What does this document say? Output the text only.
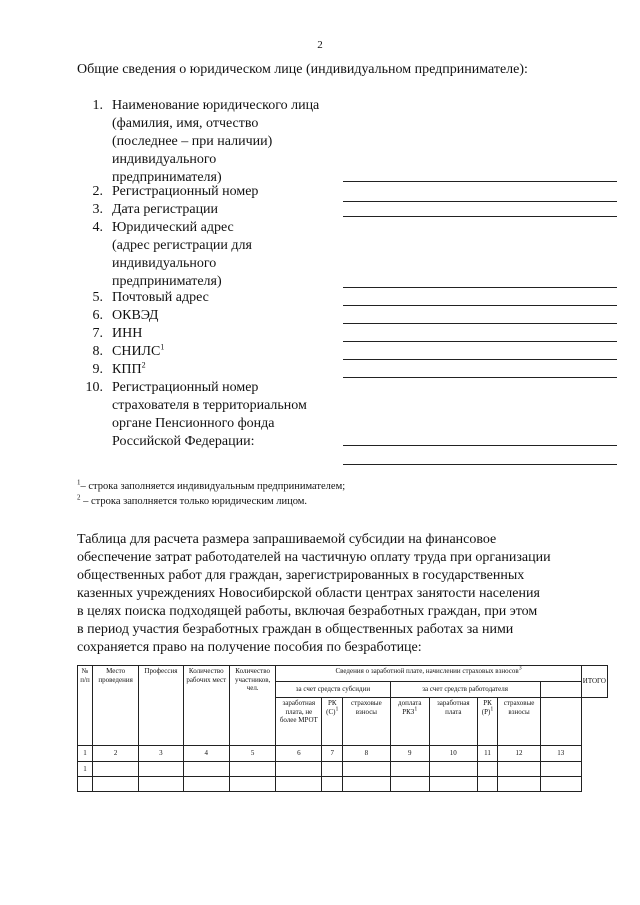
2
Общие сведения о юридическом лице (индивидуальном предпринимателе):
1. Наименование юридического лица
(фамилия, имя, отчество
(последнее – при наличии)
индивидуального
предпринимателя)
2. Регистрационный номер
3. Дата регистрации
4. Юридический адрес
(адрес регистрации для
индивидуального
предпринимателя)
5. Почтовый адрес
6. ОКВЭД
7. ИНН
8. СНИЛС$^1$
9. КПП$^2$
10. Регистрационный номер
страхователя в территориальном
органе Пенсионного фонда
Российской Федерации:
$^1$– строка заполняется индивидуальным предпринимателем;
$^2$ – строка заполняется только юридическим лицом.
Таблица для расчета размера запрашиваемой субсидии на финансовое
обеспечение затрат работодателей на частичную оплату труда при организации
общественных работ для граждан, зарегистрированных в государственных
казенных учреждениях Новосибирской области центрах занятости населения
в целях поиска подходящей работы, включая безработных граждан, при этом
в период участия безработных граждан в общественных работах за ними
сохраняется право на получение пособия по безработице:
№ п/п	Место проведения	Профессия	Количество рабочих мест	Количество участников, чел.	Сведения о заработной плате, начислении страховых взносов$^3$								ИТОГО
					за счет средств субсидии			за счет средств работодателя					
					заработная плата, не более МРОТ	РК $(С)^1$	страховые взносы	доплата РКЗ$^1$	заработная плата	РК $(Р)^1$	страховые взносы		
1	2	3	4	5	6	7	8	9	10	11	12	13	
1													
